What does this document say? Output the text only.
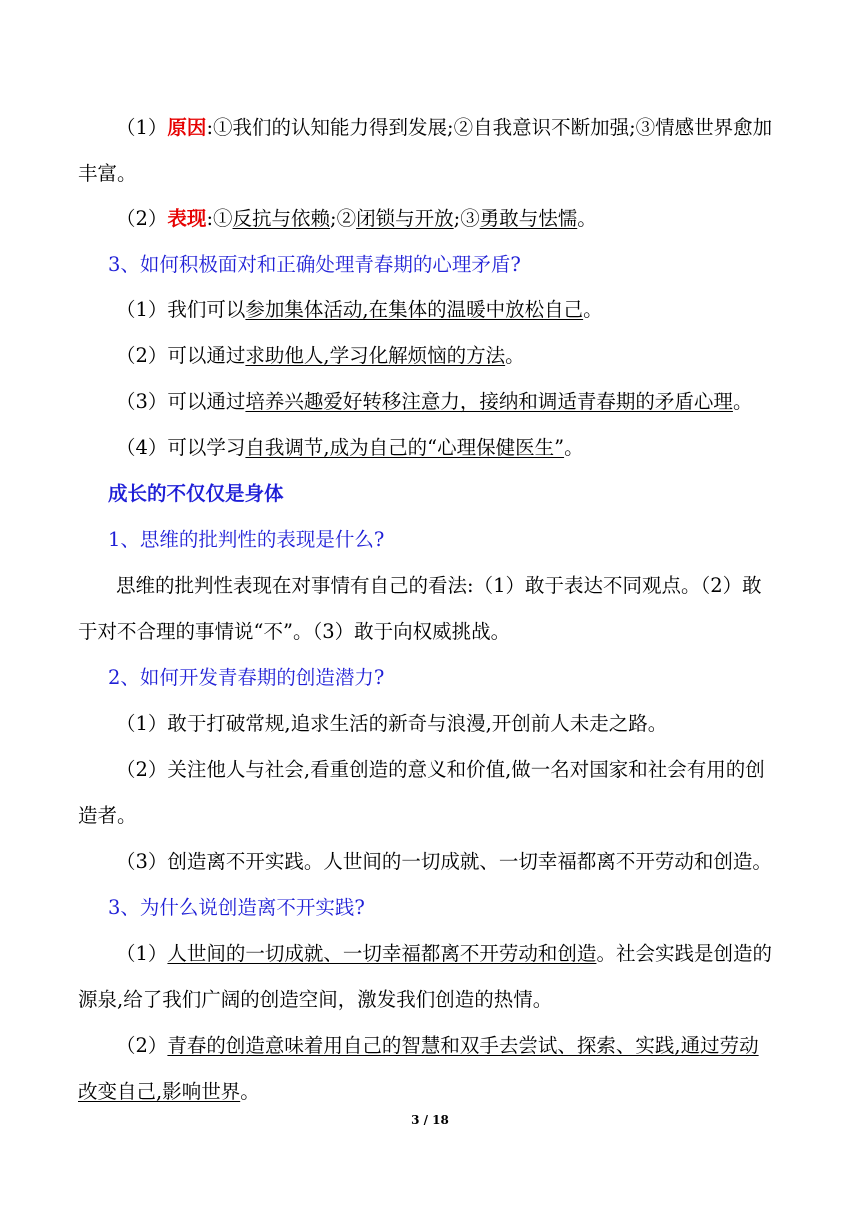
（1）原因:①我们的认知能力得到发展;②自我意识不断加强;③情感世界愈加
丰富。
（2）表现:①反抗与依赖;②闭锁与开放;③勇敢与怯懦。
3、如何积极面对和正确处理青春期的心理矛盾?
（1）我们可以参加集体活动,在集体的温暖中放松自己。
（2）可以通过求助他人,学习化解烦恼的方法。
（3）可以通过培养兴趣爱好转移注意力，接纳和调适青春期的矛盾心理。
（4）可以学习自我调节,成为自己的“心理保健医生”。
成长的不仅仅是身体
1、思维的批判性的表现是什么?
思维的批判性表现在对事情有自己的看法:（1）敢于表达不同观点。（2）敢
于对不合理的事情说“不”。（3）敢于向权威挑战。
2、如何开发青春期的创造潜力?
（1）敢于打破常规,追求生活的新奇与浪漫,开创前人未走之路。
（2）关注他人与社会,看重创造的意义和价值,做一名对国家和社会有用的创
造者。
（3）创造离不开实践。人世间的一切成就、一切幸福都离不开劳动和创造。
3、为什么说创造离不开实践?
（1）人世间的一切成就、一切幸福都离不开劳动和创造。社会实践是创造的
源泉,给了我们广阔的创造空间，激发我们创造的热情。
（2）青春的创造意味着用自己的智慧和双手去尝试、探索、实践,通过劳动
改变自己,影响世界。
3 / 18
